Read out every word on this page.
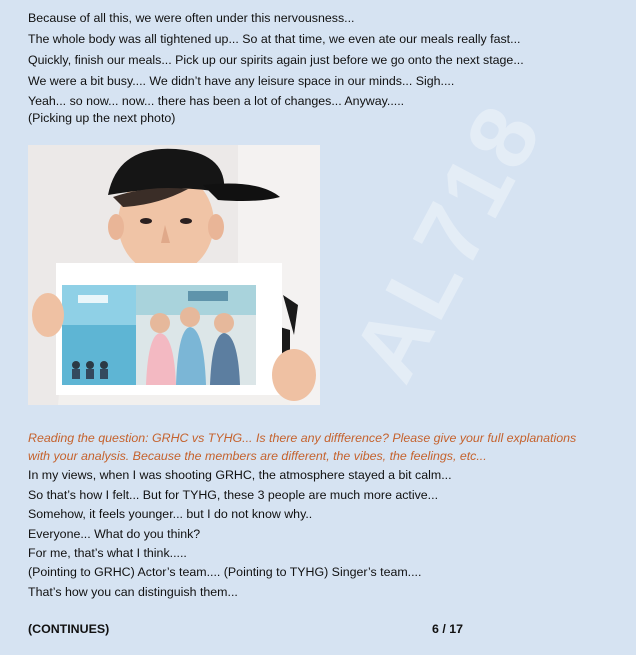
Because of all this, we were often under this nervousness...
The whole body was all tightened up... So at that time, we even ate our meals really fast...
Quickly, finish our meals... Pick up our spirits again just before we go onto the next stage...
We were a bit busy.... We didn’t have any leisure space in our minds... Sigh....
Yeah... so now... now... there has been a lot of changes... Anyway.....
(Picking up the next photo) AL718
Reading the question: GRHC vs TYHG... Is there any diffference? Please give your full explanations
with your analysis. Because the members are different, the vibes, the feelings, etc...
In my views, when I was shooting GRHC, the atmosphere stayed a bit calm...
So that’s how I felt... But for TYHG, these 3 people are much more active...
Somehow, it feels younger... but I do not know why..
Everyone... What do you think?
For me, that’s what I think.....
(Pointing to GRHC) Actor’s team.... (Pointing to TYHG) Singer’s team....
That’s how you can distinguish them...
(CONTINUES)	6 / 17
